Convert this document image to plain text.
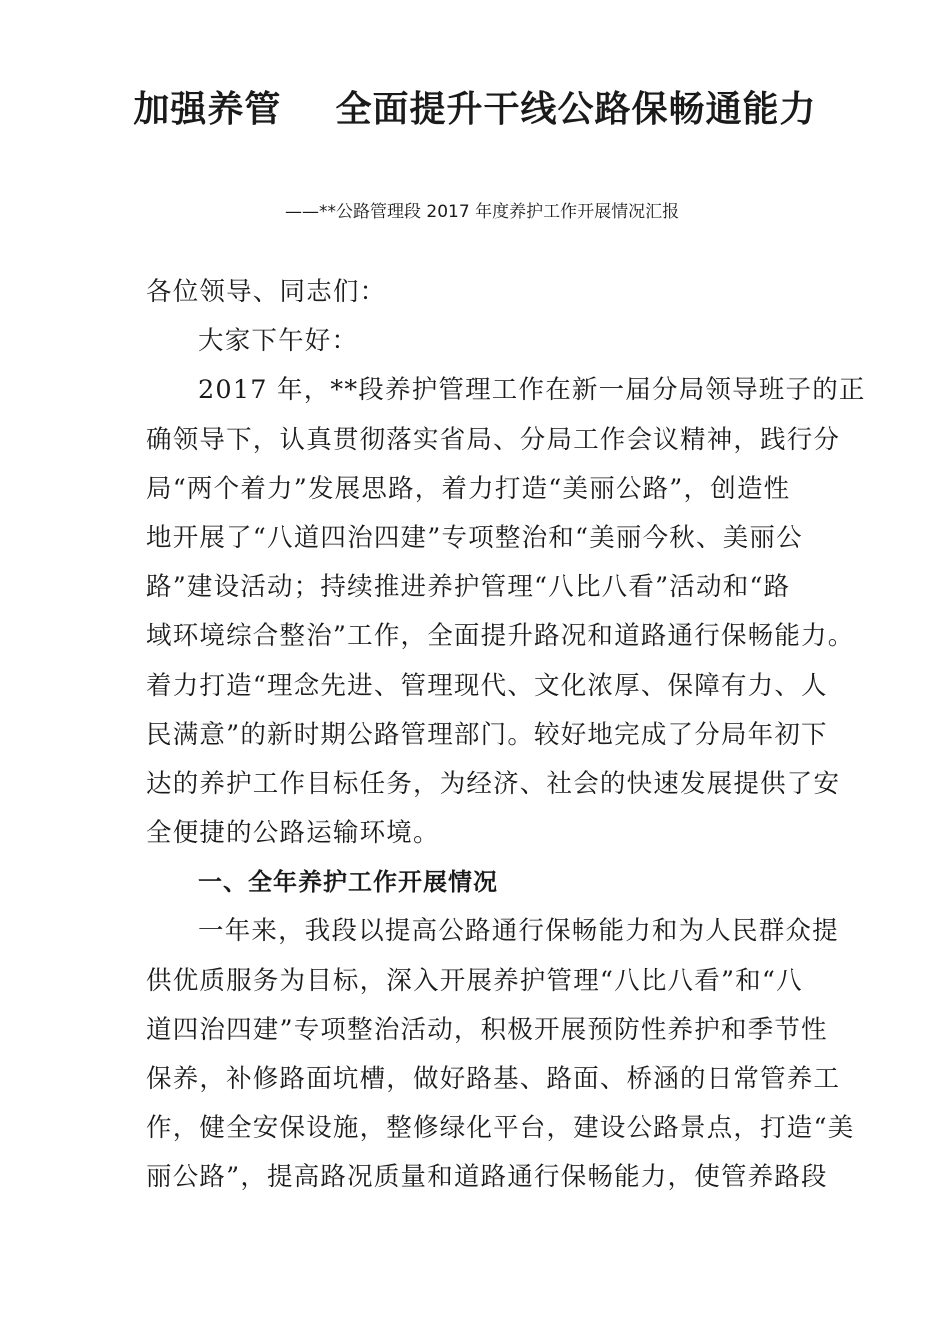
加强养管    全面提升干线公路保畅通能力
——**公路管理段 2017 年度养护工作开展情况汇报
各位领导、同志们：
大家下午好：
2017 年，**段养护管理工作在新一届分局领导班子的正
确领导下，认真贯彻落实省局、分局工作会议精神，践行分
局“两个着力”发展思路，着力打造“美丽公路”，创造性
地开展了“八道四治四建”专项整治和“美丽今秋、美丽公
路”建设活动；持续推进养护管理“八比八看”活动和“路
域环境综合整治”工作，全面提升路况和道路通行保畅能力。
着力打造“理念先进、管理现代、文化浓厚、保障有力、人
民满意”的新时期公路管理部门。较好地完成了分局年初下
达的养护工作目标任务，为经济、社会的快速发展提供了安
全便捷的公路运输环境。
一、全年养护工作开展情况
一年来，我段以提高公路通行保畅能力和为人民群众提
供优质服务为目标，深入开展养护管理“八比八看”和“八
道四治四建”专项整治活动，积极开展预防性养护和季节性
保养，补修路面坑槽，做好路基、路面、桥涵的日常管养工
作，健全安保设施，整修绿化平台，建设公路景点，打造“美
丽公路”，提高路况质量和道路通行保畅能力，使管养路段
